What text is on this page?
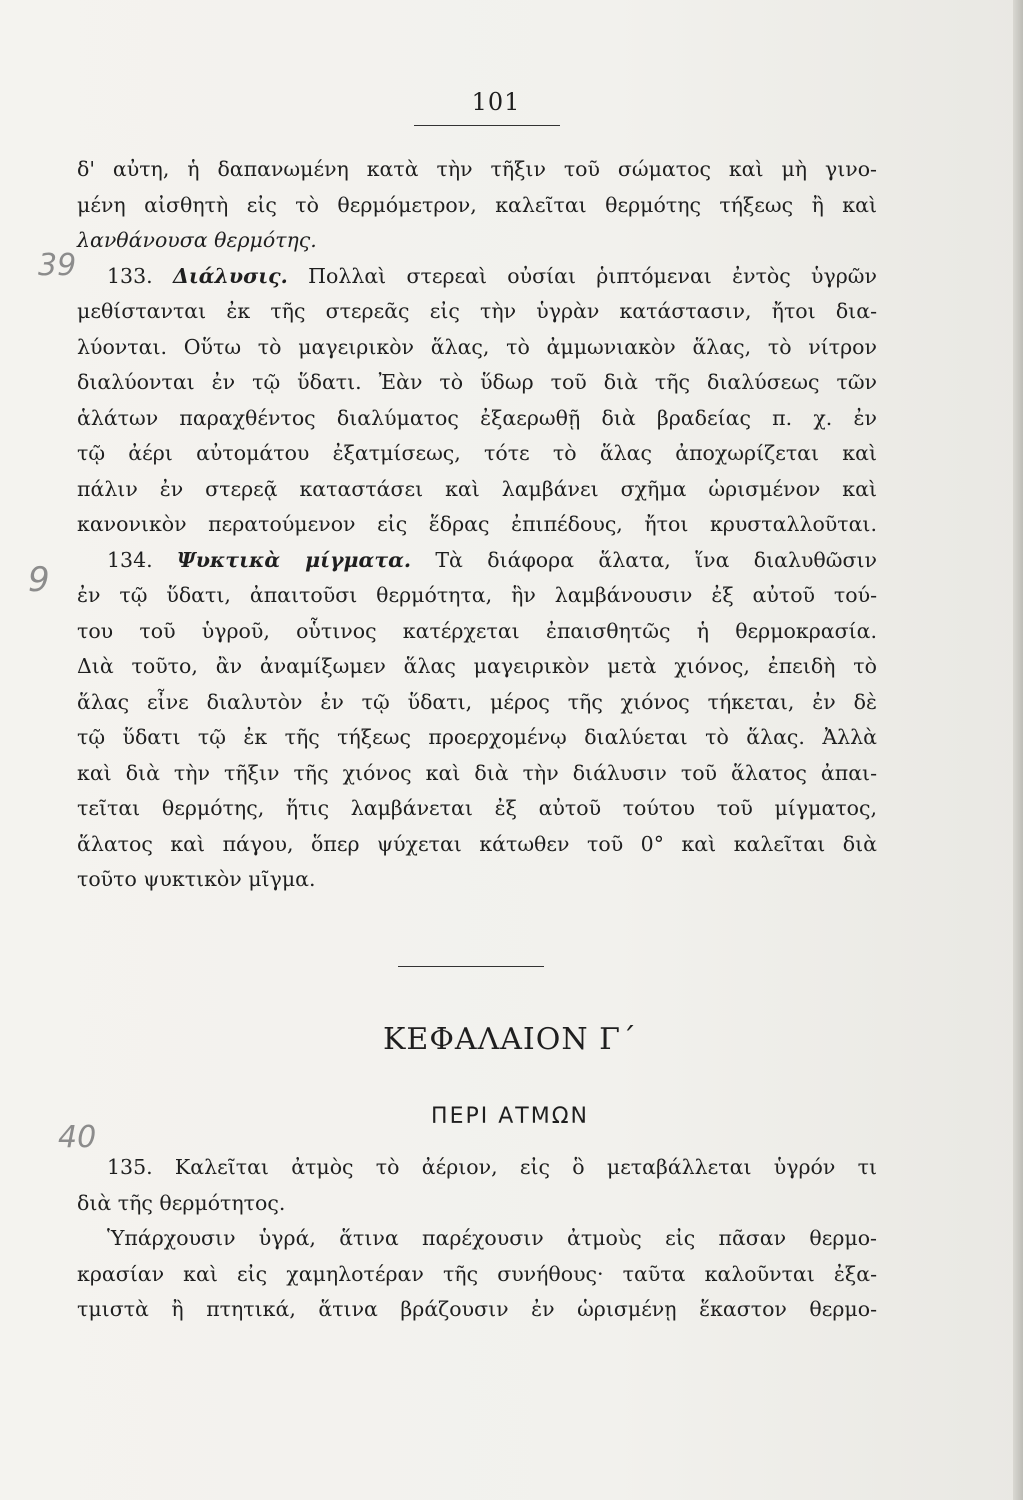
101
39
9
40
δ' αὐτη, ἡ δαπανωμένη κατὰ τὴν τῆξιν τοῦ σώματος καὶ μὴ γινο-
μένη αἰσθητὴ εἰς τὸ θερμόμετρον, καλεῖται θερμότης τήξεως ἢ καὶ
λανθάνουσα θερμότης.
133. Διάλυσις. Πολλαὶ στερεαὶ οὐσίαι ῥιπτόμεναι ἐντὸς ὑγρῶν
μεθίστανται ἐκ τῆς στερεᾶς εἰς τὴν ὑγρὰν κατάστασιν, ἤτοι δια-
λύονται. Οὕτω τὸ μαγειρικὸν ἅλας, τὸ ἀμμωνιακὸν ἅλας, τὸ νίτρον
διαλύονται ἐν τῷ ὕδατι. Ἐὰν τὸ ὕδωρ τοῦ διὰ τῆς διαλύσεως τῶν
ἁλάτων παραχθέντος διαλύματος ἐξαερωθῇ διὰ βραδείας π. χ. ἐν
τῷ ἀέρι αὐτομάτου ἐξατμίσεως, τότε τὸ ἅλας ἀποχωρίζεται καὶ
πάλιν ἐν στερεᾷ καταστάσει καὶ λαμβάνει σχῆμα ὡρισμένον καὶ
κανονικὸν περατούμενον εἰς ἕδρας ἐπιπέδους, ἤτοι κρυσταλλοῦται.
134. Ψυκτικὰ μίγματα. Τὰ διάφορα ἅλατα, ἵνα διαλυθῶσιν
ἐν τῷ ὕδατι, ἀπαιτοῦσι θερμότητα, ἣν λαμβάνουσιν ἐξ αὐτοῦ τού-
του τοῦ ὑγροῦ, οὗτινος κατέρχεται ἐπαισθητῶς ἡ θερμοκρασία.
Διὰ τοῦτο, ἂν ἀναμίξωμεν ἅλας μαγειρικὸν μετὰ χιόνος, ἐπειδὴ τὸ
ἅλας εἶνε διαλυτὸν ἐν τῷ ὕδατι, μέρος τῆς χιόνος τήκεται, ἐν δὲ
τῷ ὕδατι τῷ ἐκ τῆς τήξεως προερχομένῳ διαλύεται τὸ ἅλας. Ἀλλὰ
καὶ διὰ τὴν τῆξιν τῆς χιόνος καὶ διὰ τὴν διάλυσιν τοῦ ἅλατος ἀπαι-
τεῖται θερμότης, ἥτις λαμβάνεται ἐξ αὐτοῦ τούτου τοῦ μίγματος,
ἅλατος καὶ πάγου, ὅπερ ψύχεται κάτωθεν τοῦ 0° καὶ καλεῖται διὰ
τοῦτο ψυκτικὸν μῖγμα.
ΚΕΦΑΛΑΙΟΝ Γ΄
ΠΕΡΙ ΑΤΜΩΝ
135. Καλεῖται ἀτμὸς τὸ ἀέριον, εἰς ὃ μεταβάλλεται ὑγρόν τι
διὰ τῆς θερμότητος.
Ὑπάρχουσιν ὑγρά, ἅτινα παρέχουσιν ἀτμοὺς εἰς πᾶσαν θερμο-
κρασίαν καὶ εἰς χαμηλοτέραν τῆς συνήθους· ταῦτα καλοῦνται ἐξα-
τμιστὰ ἢ πτητικά, ἅτινα βράζουσιν ἐν ὡρισμένῃ ἕκαστον θερμο-
